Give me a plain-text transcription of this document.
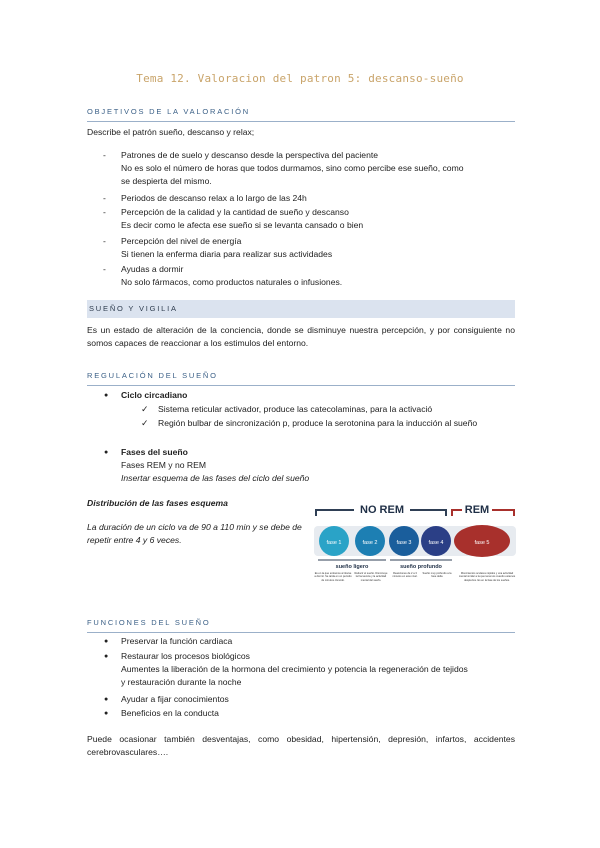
Tema 12. Valoracion del patron 5: descanso-sueño
OBJETIVOS DE LA VALORACIÓN
Describe el patrón sueño, descanso y relax;
- Patrones de de suelo y descanso desde la perspectiva del paciente
No es solo el número de horas que todos durmamos, sino como percibe ese sueño, como
se despierta del mismo.
- Periodos de descanso relax a lo largo de las 24h
- Percepción de la calidad y la cantidad de sueño y descanso
Es decir como le afecta ese sueño si se levanta cansado o bien
- Percepción del nivel de energía
Si tienen la enferma diaria para realizar sus actividades
- Ayudas a dormir
No solo fármacos, como productos naturales o infusiones.
SUEÑO Y VIGILIA
Es un estado de alteración de la conciencia, donde se disminuye nuestra percepción, y por consiguiente no somos capaces de reaccionar a los estimulos del entorno.
REGULACIÓN DEL SUEÑO
● Ciclo circadiano
✓ Sistema reticular activador, produce las catecolaminas, para la activació
✓ Región bulbar de sincronización p, produce la serotonina para la inducción al sueño
● Fases del sueño
Fases REM y no REM
Insertar esquema de las fases del ciclo del sueño
Distribución de las fases esquema
La duración de un ciclo va de 90 a 110 min y se debe de repetir entre 4 y 6 veces.
NO REM	REM
fase 1	fase 2	fase 3	fase 4	fase 5
sueño ligero	sueño profundo
Es en la que entramos al tirarse a dormir. Se tarda en un período de minutos cómodo.
Reducir el sueño. Disminuye la frecuencia y la actividad mental del sueño.
Reacciones de 2 a 3 minutos en este nivel.
Sueño muy profundo a la fase delta
Movimientos oculares rápidos y una actividad mental similar a la que tenemos cuando estamos despiertos. Es en la fase de los sueños.
FUNCIONES DEL SUEÑO
● Preservar la función cardiaca
● Restaurar los procesos biológicos
Aumentes la liberación de la hormona del crecimiento y potencia la regeneración de tejidos
y restauración durante la noche
● Ayudar a fijar conocimientos
● Beneficios en la conducta
Puede ocasionar también desventajas, como obesidad, hipertensión, depresión, infartos, accidentes cerebrovasculares….
